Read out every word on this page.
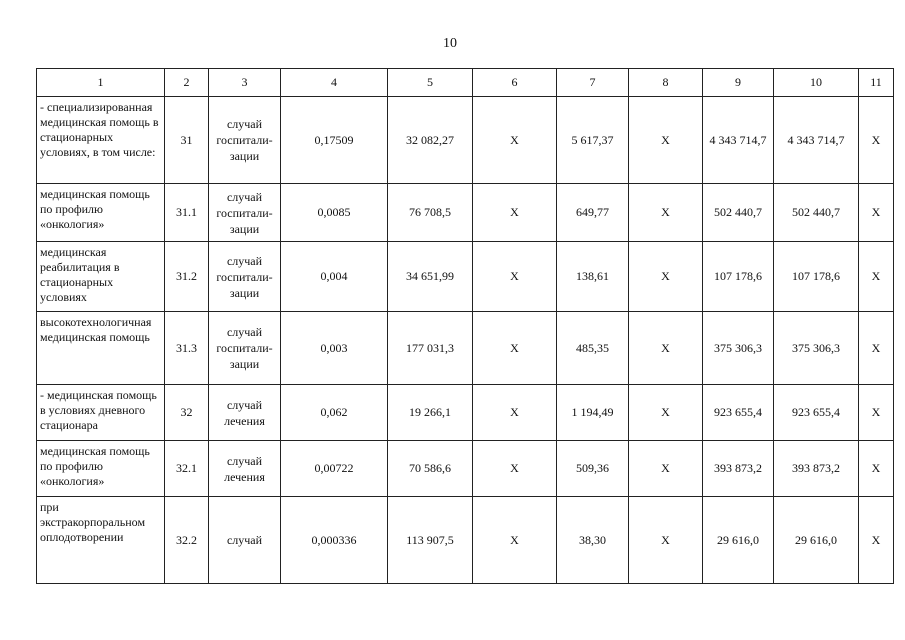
10
1	2	3	4	5	6	7	8	9	10	11
- специализированная медицинская помощь в стационарных условиях, в том числе:	31	случай госпитали-зации	0,17509	32 082,27	X	5 617,37	X	4 343 714,7	4 343 714,7	X
медицинская помощь по профилю «онкология»	31.1	случай госпитали-зации	0,0085	76 708,5	X	649,77	X	502 440,7	502 440,7	X
медицинская реабилитация в стационарных условиях	31.2	случай госпитали-зации	0,004	34 651,99	X	138,61	X	107 178,6	107 178,6	X
высокотехнологичная медицинская помощь	31.3	случай госпитали-зации	0,003	177 031,3	X	485,35	X	375 306,3	375 306,3	X
- медицинская помощь в условиях дневного стационара	32	случай лечения	0,062	19 266,1	X	1 194,49	X	923 655,4	923 655,4	X
медицинская помощь по профилю «онкология»	32.1	случай лечения	0,00722	70 586,6	X	509,36	X	393 873,2	393 873,2	X
при экстракорпоральном оплодотворении	32.2	случай	0,000336	113 907,5	X	38,30	X	29 616,0	29 616,0	X
